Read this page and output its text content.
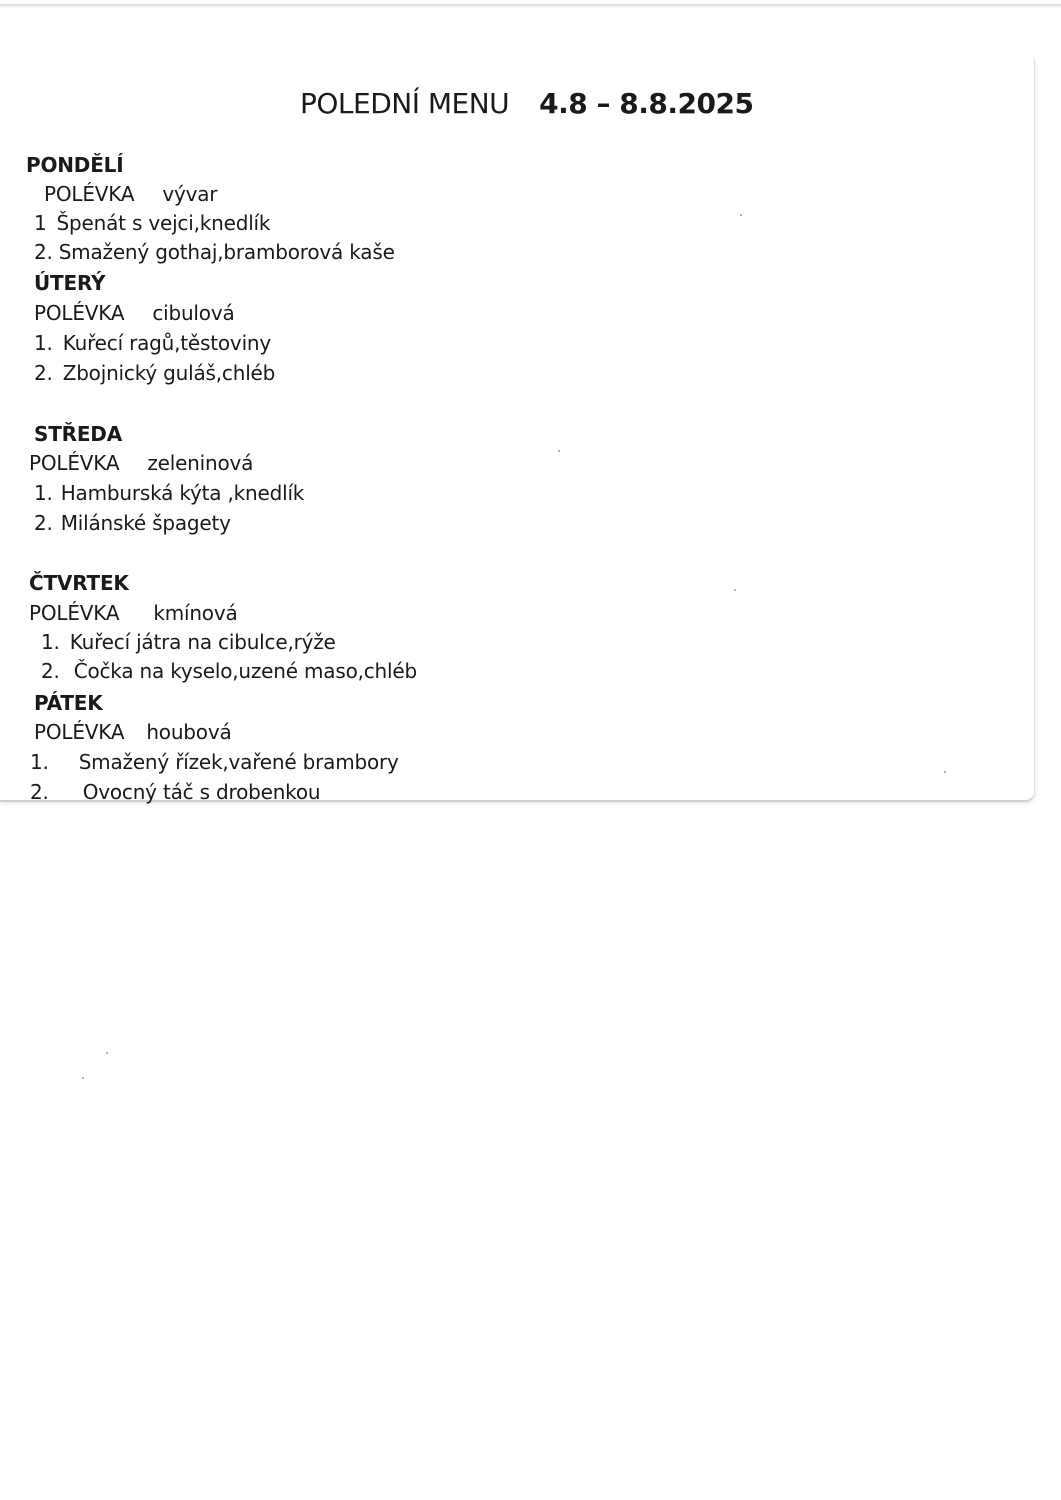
POLEDNÍ MENU 4.8 – 8.8.2025
PONDĚLÍ
POLÉVKA vývar
1 Špenát s vejci,knedlík
2. Smažený gothaj,bramborová kaše
ÚTERÝ
POLÉVKA cibulová
1. Kuřecí ragů,těstoviny
2. Zbojnický guláš,chléb
STŘEDA
POLÉVKA zeleninová
1. Hamburská kýta ,knedlík
2. Milánské špagety
ČTVRTEK
POLÉVKA kmínová
1. Kuřecí játra na cibulce,rýže
2. Čočka na kyselo,uzené maso,chléb
PÁTEK
POLÉVKA houbová
1. Smažený řízek,vařené brambory
2. Ovocný táč s drobenkou
